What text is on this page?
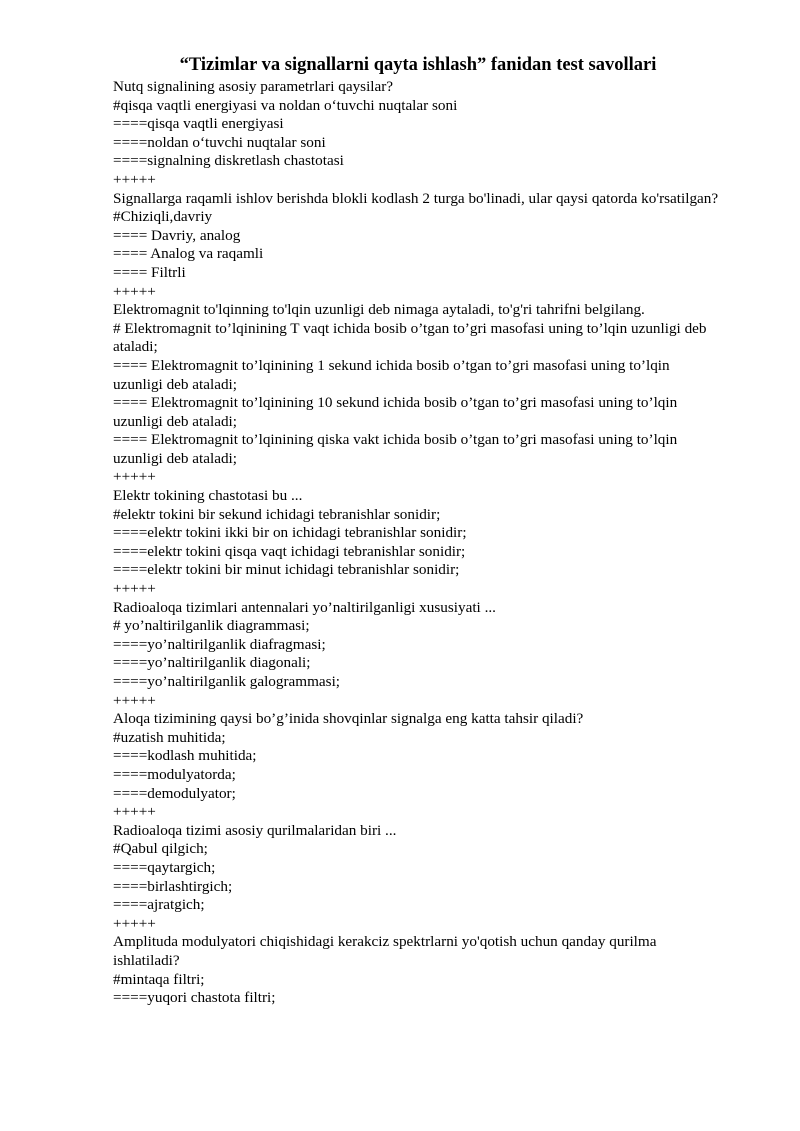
“Tizimlar va signallarni qayta ishlash” fanidan test savollari
Nutq signalining asosiy parametrlari qaysilar?
#qisqa vaqtli energiyasi va noldan o‘tuvchi nuqtalar soni
====qisqa vaqtli energiyasi
====noldan o‘tuvchi nuqtalar soni
====signalning diskretlash chastotasi
+++++
Signallarga raqamli ishlov berishda blokli kodlash 2 turga bo'linadi, ular qaysi qatorda ko'rsatilgan?
#Chiziqli,davriy
==== Davriy, analog
==== Analog va raqamli
==== Filtrli
+++++
Elektromagnit to'lqinning to'lqin uzunligi deb nimaga aytaladi, to'g'ri tahrifni belgilang.
# Elektromagnit to’lqinining T vaqt ichida bosib o’tgan to’gri masofasi uning to’lqin uzunligi deb ataladi;
==== Elektromagnit to’lqinining 1 sekund ichida bosib o’tgan to’gri masofasi uning to’lqin uzunligi deb ataladi;
==== Elektromagnit to’lqinining 10 sekund ichida bosib o’tgan to’gri masofasi uning to’lqin uzunligi deb ataladi;
==== Elektromagnit to’lqinining qiska vakt ichida bosib o’tgan to’gri masofasi uning to’lqin uzunligi deb ataladi;
+++++
Elektr tokining chastotasi bu ...
#elektr tokini bir sekund ichidagi tebranishlar sonidir;
====elektr tokini ikki bir on ichidagi tebranishlar sonidir;
====elektr tokini qisqa vaqt ichidagi tebranishlar sonidir;
====elektr tokini bir minut ichidagi tebranishlar sonidir;
+++++
Radioaloqa tizimlari antennalari yo’naltirilganligi xususiyati ...
# yo’naltirilganlik diagrammasi;
====yo’naltirilganlik diafragmasi;
====yo’naltirilganlik diagonali;
====yo’naltirilganlik galogrammasi;
+++++
Aloqa tizimining qaysi bo’g’inida shovqinlar signalga eng katta tahsir qiladi?
#uzatish muhitida;
====kodlash muhitida;
====modulyatorda;
====demodulyator;
+++++
Radioaloqa tizimi asosiy qurilmalaridan biri ...
#Qabul qilgich;
====qaytargich;
====birlashtirgich;
====ajratgich;
+++++
Amplituda modulyatori chiqishidagi kerakciz spektrlarni yo'qotish uchun qanday qurilma ishlatiladi?
#mintaqa filtri;
====yuqori chastota filtri;
